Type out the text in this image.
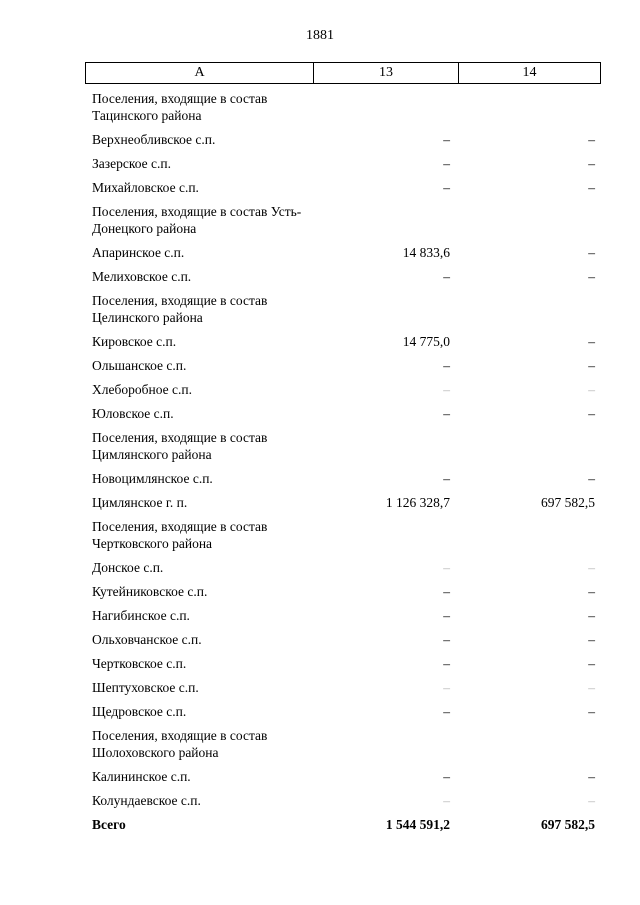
1881
А	13	14
Поселения, входящие в состав Тацинского района
Верхнеобливское с.п.	–	–
Зазерское с.п.	–	–
Михайловское с.п.	–	–
Поселения, входящие в состав Усть-Донецкого района
Апаринское с.п.	14 833,6	–
Мелиховское с.п.	–	–
Поселения, входящие в состав Целинского района
Кировское с.п.	14 775,0	–
Ольшанское с.п.	–	–
Хлеборобное с.п.	–	–
Юловское с.п.	–	–
Поселения, входящие в состав Цимлянского района
Новоцимлянское с.п.	–	–
Цимлянское г. п.	1 126 328,7	697 582,5
Поселения, входящие в состав Чертковского района
Донское с.п.	–	–
Кутейниковское с.п.	–	–
Нагибинское с.п.	–	–
Ольховчанское с.п.	–	–
Чертковское с.п.	–	–
Шептуховское с.п.	–	–
Щедровское с.п.	–	–
Поселения, входящие в состав Шолоховского района
Калининское с.п.	–	–
Колундаевское с.п.	–	–
Всего	1 544 591,2	697 582,5
